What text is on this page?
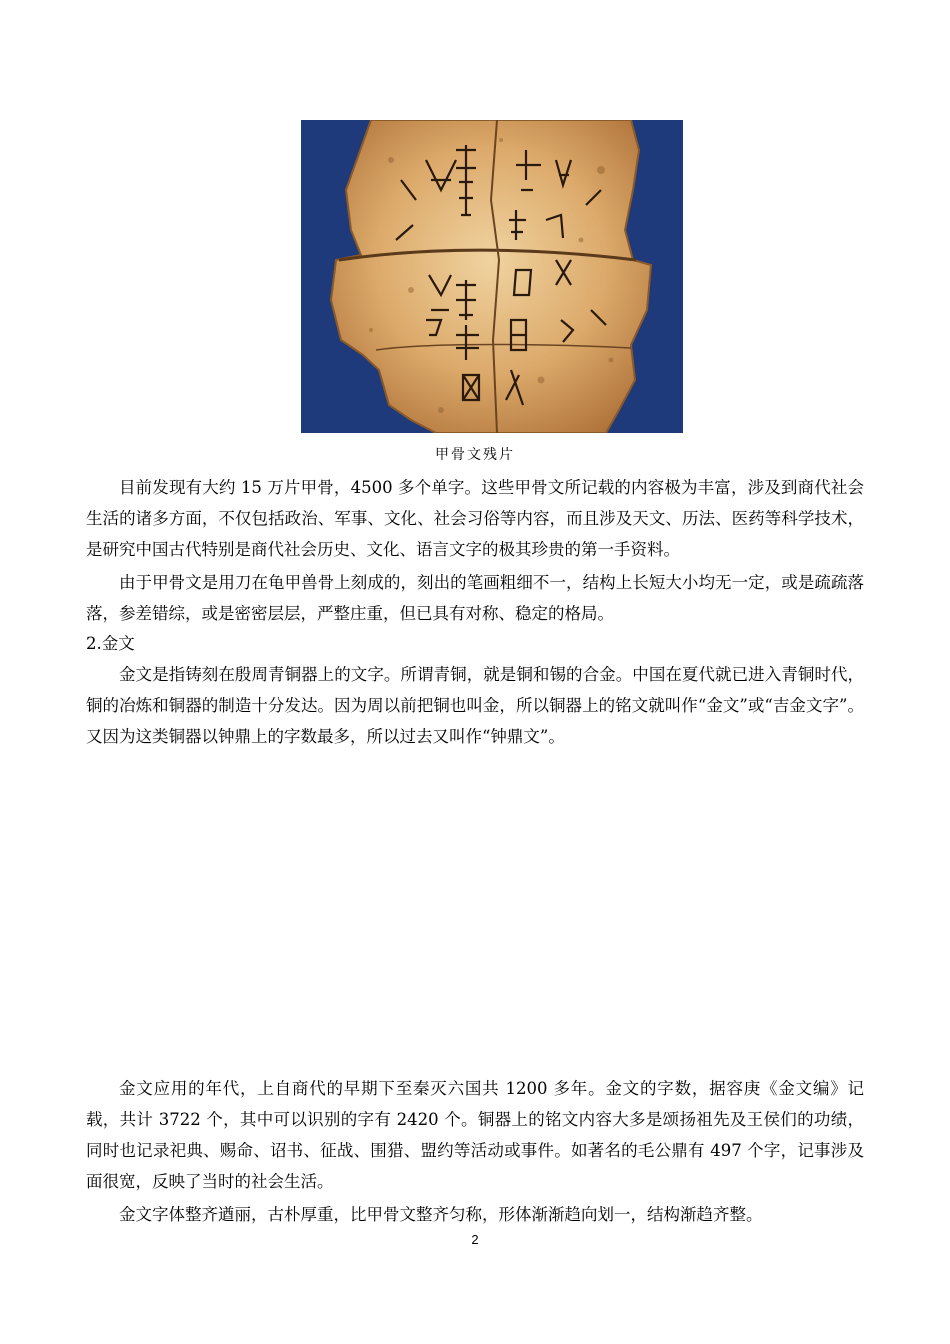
甲骨文残片

目前发现有大约 15 万片甲骨，4500 多个单字。这些甲骨文所记载的内容极为丰富，涉及到商代社会生活的诸多方面，不仅包括政治、军事、文化、社会习俗等内容，而且涉及天文、历法、医药等科学技术，是研究中国古代特别是商代社会历史、文化、语言文字的极其珍贵的第一手资料。

由于甲骨文是用刀在龟甲兽骨上刻成的，刻出的笔画粗细不一，结构上长短大小均无一定，或是疏疏落落，参差错综，或是密密层层，严整庄重，但已具有对称、稳定的格局。

2.金文

金文是指铸刻在殷周青铜器上的文字。所谓青铜，就是铜和锡的合金。中国在夏代就已进入青铜时代，铜的冶炼和铜器的制造十分发达。因为周以前把铜也叫金，所以铜器上的铭文就叫作“金文”或“吉金文字”。又因为这类铜器以钟鼎上的字数最多，所以过去又叫作“钟鼎文”。

金文应用的年代，上自商代的早期下至秦灭六国共 1200 多年。金文的字数，据容庚《金文编》记载，共计 3722 个，其中可以识别的字有 2420 个。铜器上的铭文内容大多是颂扬祖先及王侯们的功绩，同时也记录祀典、赐命、诏书、征战、围猎、盟约等活动或事件。如著名的毛公鼎有 497 个字，记事涉及面很宽，反映了当时的社会生活。

金文字体整齐遒丽，古朴厚重，比甲骨文整齐匀称，形体渐渐趋向划一，结构渐趋齐整。

2
